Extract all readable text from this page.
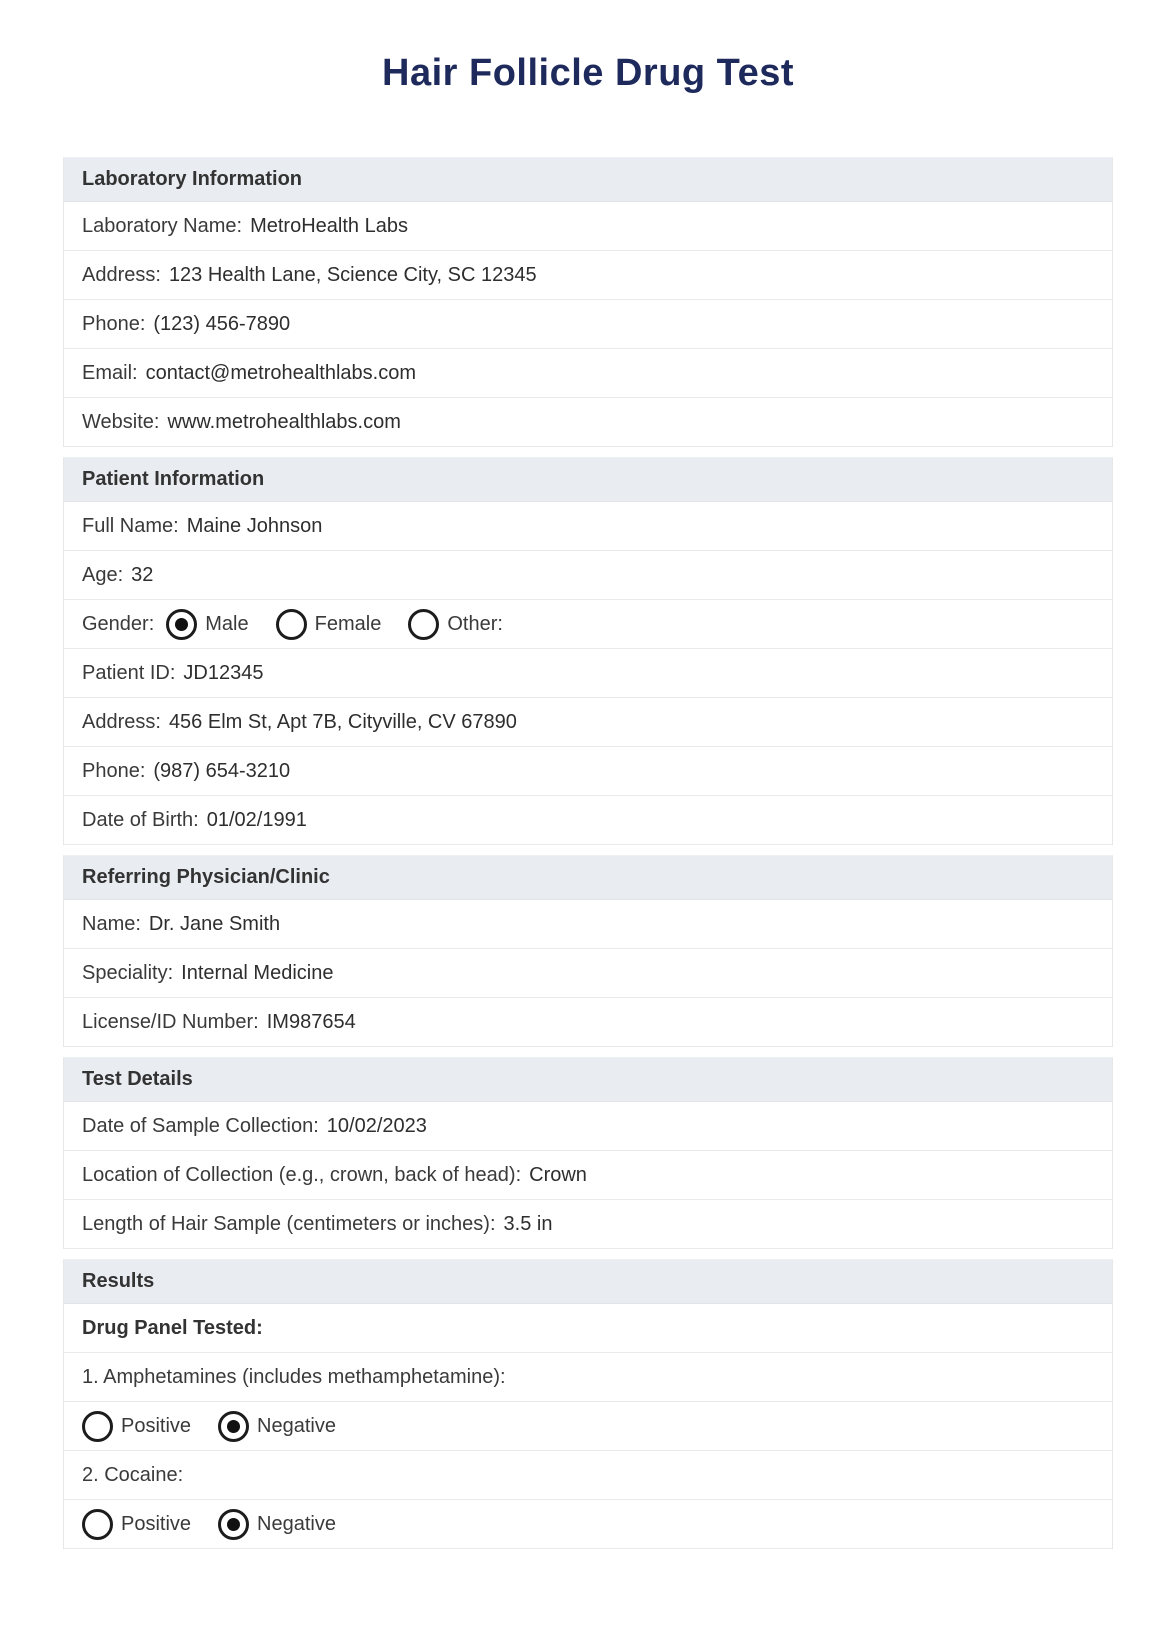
Hair Follicle Drug Test
Laboratory Information
Laboratory Name: MetroHealth Labs
Address: 123 Health Lane, Science City, SC 12345
Phone: (123) 456-7890
Email: contact@metrohealthlabs.com
Website: www.metrohealthlabs.com
Patient Information
Full Name: Maine Johnson
Age: 32
Gender:	Male	Female	Other:
Patient ID: JD12345
Address: 456 Elm St, Apt 7B, Cityville, CV 67890
Phone: (987) 654-3210
Date of Birth: 01/02/1991
Referring Physician/Clinic
Name: Dr. Jane Smith
Speciality: Internal Medicine
License/ID Number: IM987654
Test Details
Date of Sample Collection: 10/02/2023
Location of Collection (e.g., crown, back of head): Crown
Length of Hair Sample (centimeters or inches): 3.5 in
Results
Drug Panel Tested:
1. Amphetamines (includes methamphetamine):
Positive	Negative
2. Cocaine:
Positive	Negative
